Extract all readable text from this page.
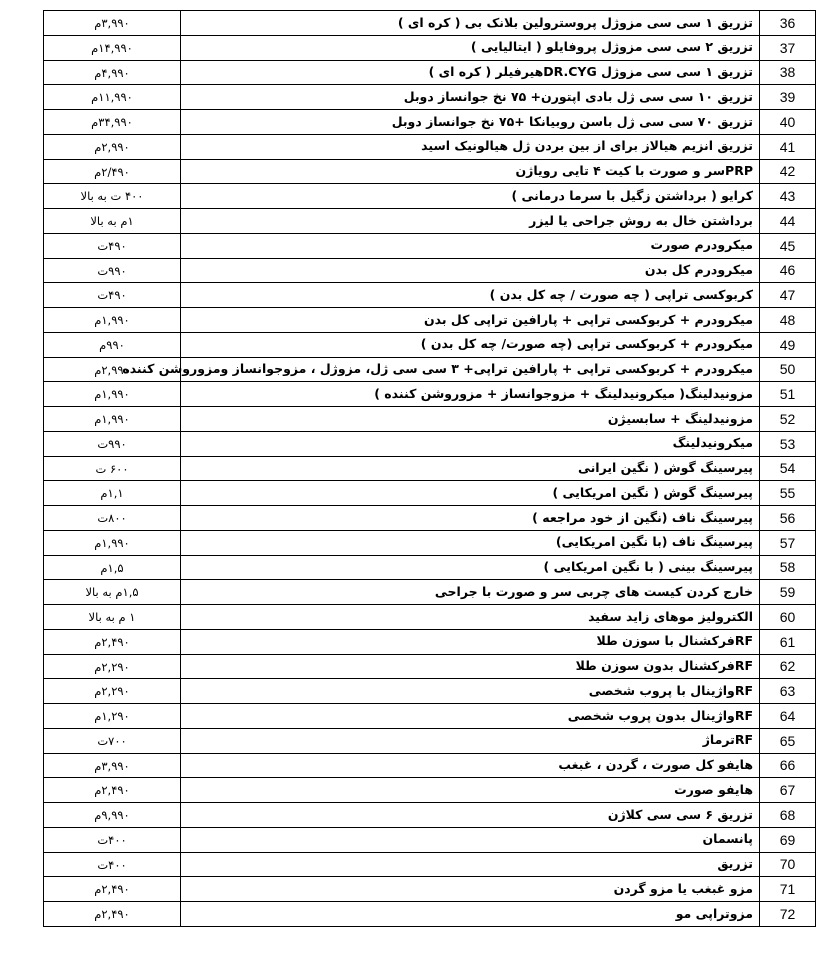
۳,۹۹۰م	تزریق ۱ سی سی مزوژل پروسترولین بلانک بی ( کره ای )	36
۱۴,۹۹۰م	تزریق ۲ سی سی مزوژل پروفایلو ( ایتالیایی )	37
۴,۹۹۰م	تزریق ۱ سی سی مزوژل DR.CYGهیرفیلر ( کره ای )	38
۱۱,۹۹۰م	تزریق ۱۰ سی سی ژل بادی اپتورن+ ۷۵ نخ جوانساز دوبل	39
۳۴,۹۹۰م	تزریق ۷۰ سی سی ژل باسن روبیانکا +۷۵ نخ جوانساز دوبل	40
۲,۹۹۰م	تزریق انزیم هیالاز برای از بین بردن ژل هیالونیک اسید	41
۲/۴۹۰م	PRPسر و صورت با کیت ۴ تایی رویاژن	42
۴۰۰ ت به بالا	کرایو ( برداشتن زگیل با سرما درمانی )	43
۱م به بالا	برداشتن خال به روش جراحی یا لیزر	44
۴۹۰ت	میکرودرم صورت	45
۹۹۰ت	میکرودرم کل بدن	46
۴۹۰ت	کربوکسی تراپی ( چه صورت / چه کل بدن )	47
۱,۹۹۰م	میکرودرم + کربوکسی تراپی + پارافین تراپی کل بدن	48
۹۹۰م	میکرودرم + کربوکسی تراپی (چه صورت/ چه کل بدن )	49
۲,۹۹۰م	میکرودرم + کربوکسی تراپی + پارافین تراپی+ ۳ سی سی ژل، مزوژل ، مزوجوانساز ومزوروشن کننده	50
۱,۹۹۰م	مزونیدلینگ( میکرونیدلینگ + مزوجوانساز + مزوروشن کننده )	51
۱,۹۹۰م	مزونیدلینگ + سابسیژن	52
۹۹۰ت	میکرونیدلینگ	53
۶۰۰ ت	پیرسینگ گوش ( نگین ایرانی	54
۱,۱م	پیرسینگ گوش ( نگین امریکایی )	55
۸۰۰ت	پیرسینگ ناف (نگین از خود مراجعه )	56
۱,۹۹۰م	پیرسینگ ناف (با نگین امریکایی)	57
۱,۵م	پیرسینگ بینی ( با نگین امریکایی )	58
۱,۵م به بالا	خارج کردن کیست های چربی سر و صورت با جراحی	59
۱ م به بالا	الکترولیز موهای زاید سفید	60
۲,۴۹۰م	RFفرکشنال با سوزن طلا	61
۲,۲۹۰م	RFفرکشنال بدون سوزن طلا	62
۲,۲۹۰م	RFواژینال با پروب شخصی	63
۱,۲۹۰م	RFواژینال بدون پروب شخصی	64
۷۰۰ت	RFترماژ	65
۳,۹۹۰م	هایفو کل صورت ، گردن ، غبغب	66
۲,۴۹۰م	هایفو صورت	67
۹,۹۹۰م	تزریق ۶ سی سی کلاژن	68
۴۰۰ت	پانسمان	69
۴۰۰ت	تزریق	70
۲,۴۹۰م	مزو غبغب یا مزو گردن	71
۲,۴۹۰م	مزوتراپی مو	72
